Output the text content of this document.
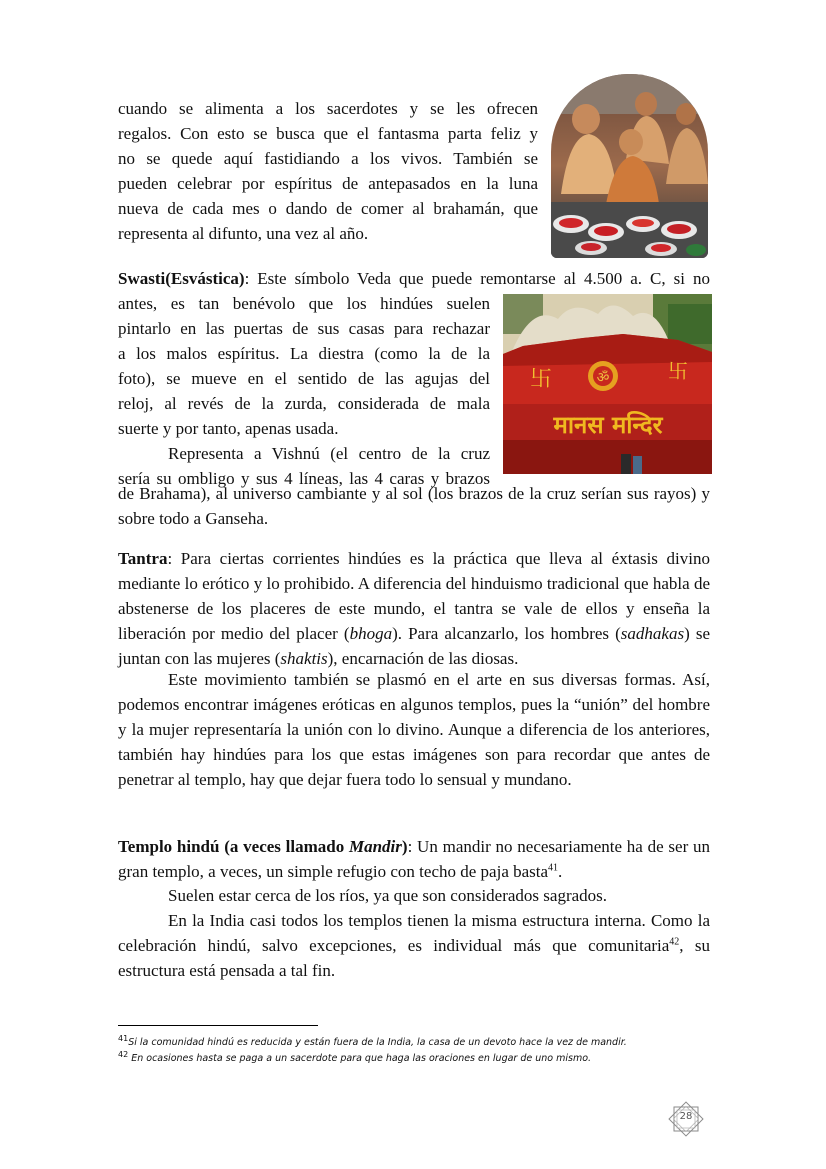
cuando se alimenta a los sacerdotes y se les ofrecen
regalos. Con esto se busca que el fantasma parta feliz y
no se quede aquí fastidiando a los vivos. También se
pueden celebrar por espíritus de antepasados en la luna
nueva de cada mes o dando de comer al brahamán, que
representa al difunto, una vez al año.
Swasti(Esvástica): Este símbolo Veda que puede remontarse al 4.500 a. C, si no
antes, es tan benévolo que los hindúes suelen
pintarlo en las puertas de sus casas para rechazar
a los malos espíritus. La diestra (como la de la
foto), se mueve en el sentido de las agujas del
reloj, al revés de la zurda, considerada de mala
suerte y por tanto, apenas usada.
Representa a Vishnú (el centro de la cruz
sería su ombligo y sus 4 líneas, las 4 caras y brazos
ॐ
卐	卐
मानस मन्दिर
de Brahama), al universo cambiante y al sol (los brazos de la cruz serían sus rayos) y sobre todo a Ganseha.
Tantra: Para ciertas corrientes hindúes es la práctica que lleva al éxtasis divino mediante lo erótico y lo prohibido. A diferencia del hinduismo tradicional que habla de abstenerse de los placeres de este mundo, el tantra se vale de ellos y enseña la liberación por medio del placer (bhoga). Para alcanzarlo, los hombres (sadhakas) se juntan con las mujeres (shaktis), encarnación de las diosas.
Este movimiento también se plasmó en el arte en sus diversas formas. Así, podemos encontrar imágenes eróticas en algunos templos, pues la “unión” del hombre y la mujer representaría la unión con lo divino. Aunque a diferencia de los anteriores, también hay hindúes para los que estas imágenes son para recordar que antes de penetrar al templo, hay que dejar fuera todo lo sensual y mundano.
Templo hindú (a veces llamado Mandir): Un mandir no necesariamente ha de ser un gran templo, a veces, un simple refugio con techo de paja basta$^{41}$.
Suelen estar cerca de los ríos, ya que son considerados sagrados.
En la India casi todos los templos tienen la misma estructura interna. Como la celebración hindú, salvo excepciones, es individual más que comunitaria$^{42}$, su estructura está pensada a tal fin.
$^{41}$Si la comunidad hindú es reducida y están fuera de la India, la casa de un devoto hace la vez de mandir.
$^{42}$ En ocasiones hasta se paga a un sacerdote para que haga las oraciones en lugar de uno mismo.
28
